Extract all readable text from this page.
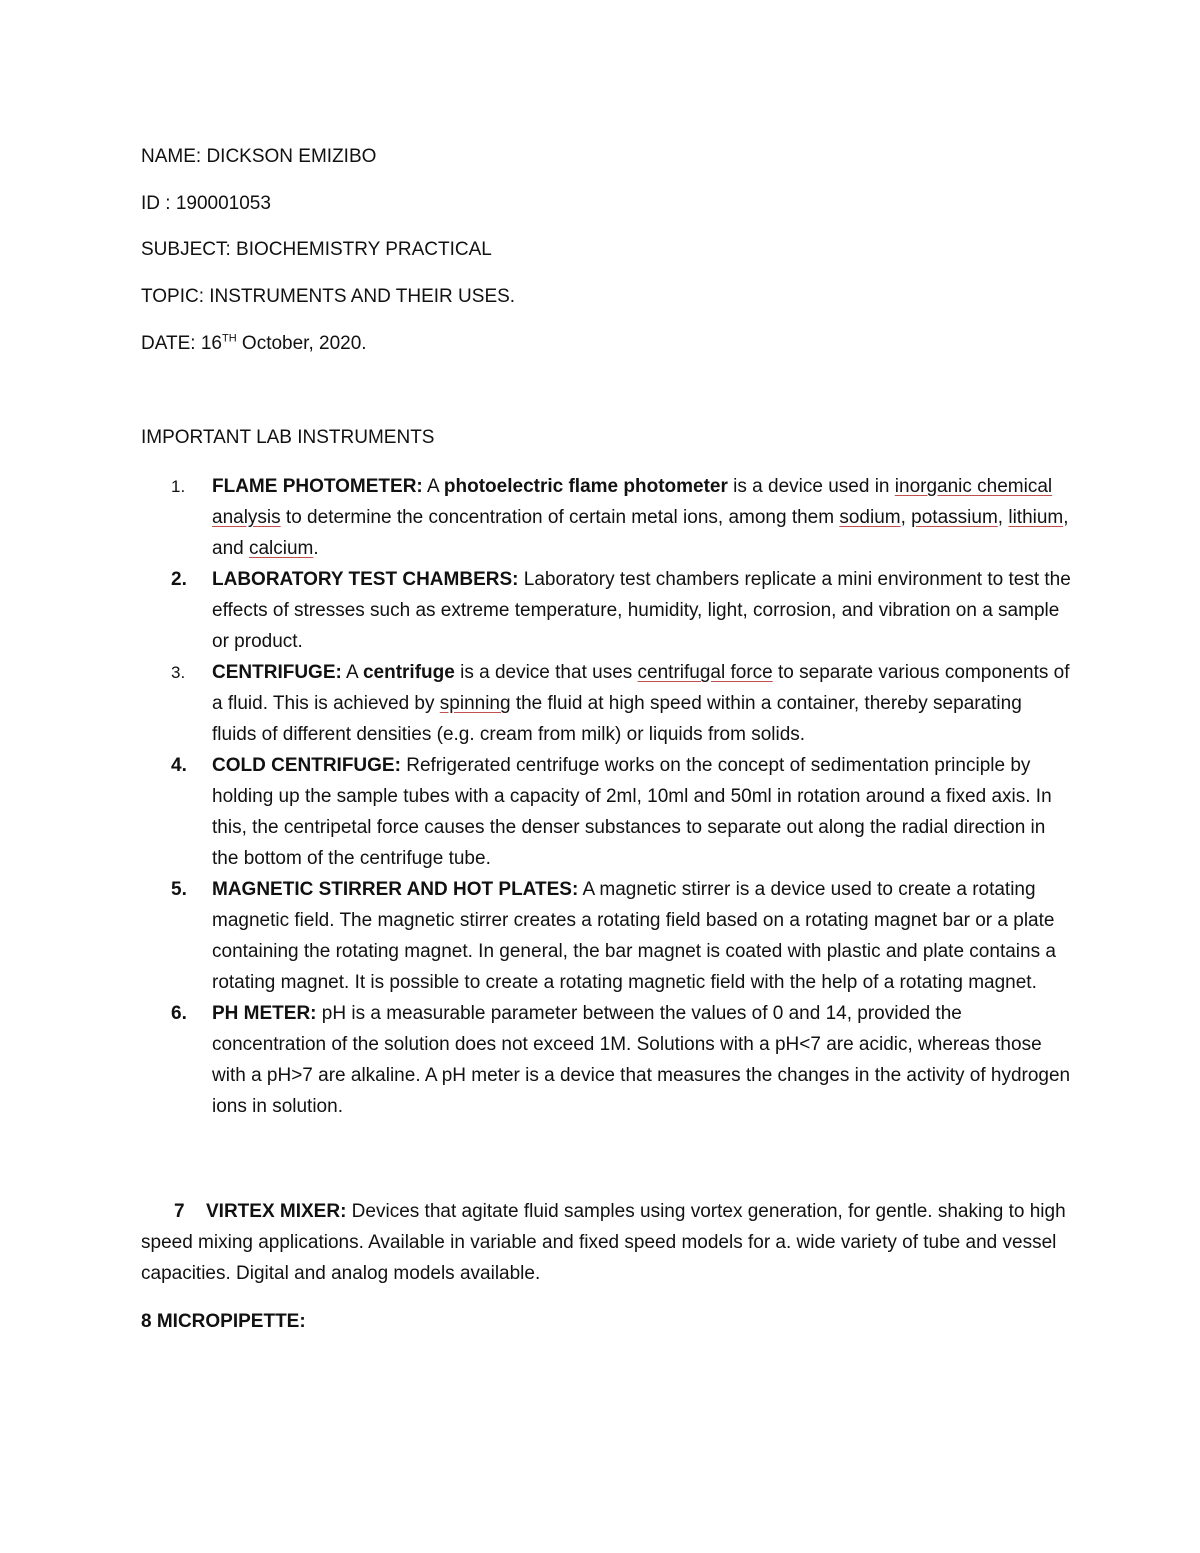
NAME: DICKSON EMIZIBO
ID : 190001053
SUBJECT: BIOCHEMISTRY PRACTICAL
TOPIC: INSTRUMENTS AND THEIR USES.
DATE: 16TH October, 2020.
IMPORTANT LAB INSTRUMENTS
1. FLAME PHOTOMETER: A photoelectric flame photometer is a device used in inorganic chemical analysis to determine the concentration of certain metal ions, among them sodium, potassium, lithium, and calcium.
2. LABORATORY TEST CHAMBERS: Laboratory test chambers replicate a mini environment to test the effects of stresses such as extreme temperature, humidity, light, corrosion, and vibration on a sample or product.
3. CENTRIFUGE: A centrifuge is a device that uses centrifugal force to separate various components of a fluid. This is achieved by spinning the fluid at high speed within a container, thereby separating fluids of different densities (e.g. cream from milk) or liquids from solids.
4. COLD CENTRIFUGE: Refrigerated centrifuge works on the concept of sedimentation principle by holding up the sample tubes with a capacity of 2ml, 10ml and 50ml in rotation around a fixed axis. In this, the centripetal force causes the denser substances to separate out along the radial direction in the bottom of the centrifuge tube.
5. MAGNETIC STIRRER AND HOT PLATES: A magnetic stirrer is a device used to create a rotating magnetic field. The magnetic stirrer creates a rotating field based on a rotating magnet bar or a plate containing the rotating magnet. In general, the bar magnet is coated with plastic and plate contains a rotating magnet. It is possible to create a rotating magnetic field with the help of a rotating magnet.
6. PH METER: pH is a measurable parameter between the values of 0 and 14, provided the concentration of the solution does not exceed 1M. Solutions with a pH<7 are acidic, whereas those with a pH>7 are alkaline. A pH meter is a device that measures the changes in the activity of hydrogen ions in solution.
7 VIRTEX MIXER: Devices that agitate fluid samples using vortex generation, for gentle. shaking to high speed mixing applications. Available in variable and fixed speed models for a. wide variety of tube and vessel capacities. Digital and analog models available.
8 MICROPIPETTE:
